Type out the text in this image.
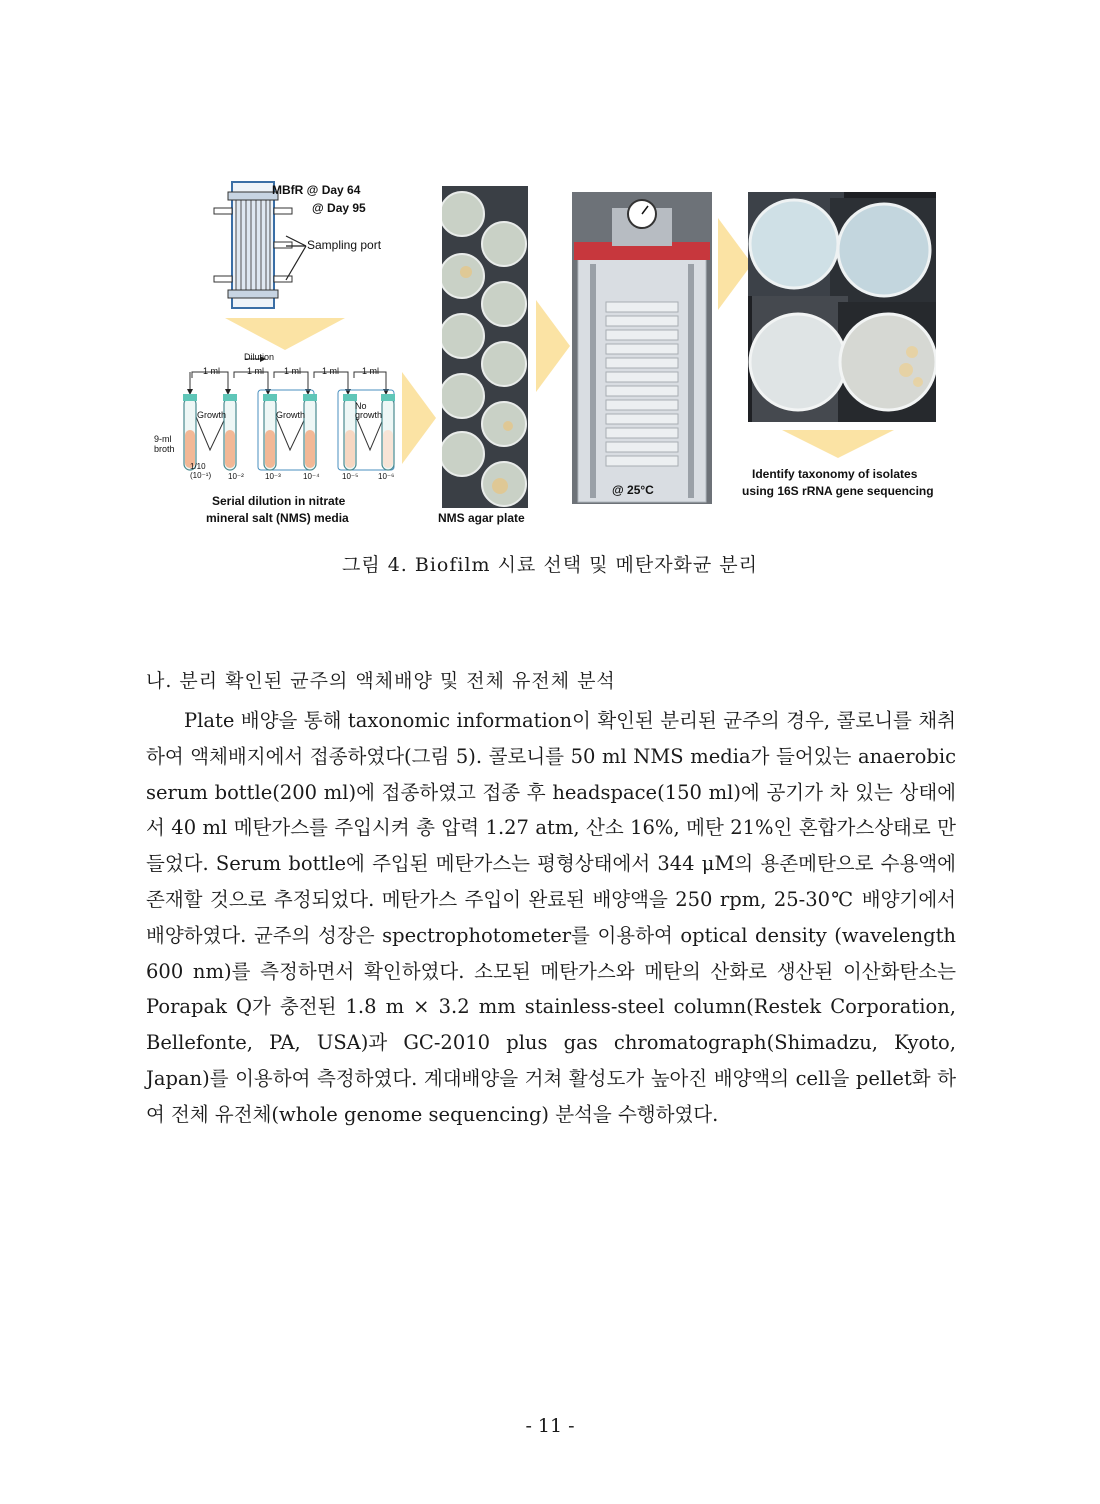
MBfR @ Day 64
@ Day 95
Sampling port
Dilution
1 ml	1 ml 1 ml 1 ml	1 ml
Growth	Growth
No growth
9-ml broth
1/10 (10⁻¹)	10⁻²	10⁻³	10⁻⁴	10⁻⁵ 10⁻⁶
Serial dilution in nitrate
mineral salt (NMS) media	NMS agar plate
@ 25°C
Identify taxonomy of isolates
using 16S rRNA gene sequencing
그림 4. Biofilm 시료 선택 및 메탄자화균 분리
나. 분리 확인된 균주의 액체배양 및 전체 유전체 분석

Plate 배양을 통해 taxonomic information이 확인된 분리된 균주의 경우, 콜로니를 채취하여 액체배지에서 접종하였다(그림 5). 콜로니를 50 ml NMS media가 들어있는 anaerobic serum bottle(200 ml)에 접종하였고 접종 후 headspace(150 ml)에 공기가 차 있는 상태에서 40 ml 메탄가스를 주입시켜 총 압력 1.27 atm, 산소 16%, 메탄 21%인 혼합가스상태로 만들었다. Serum bottle에 주입된 메탄가스는 평형상태에서 344 μM의 용존메탄으로 수용액에 존재할 것으로 추정되었다. 메탄가스 주입이 완료된 배양액을 250 rpm, 25-30℃ 배양기에서 배양하였다. 균주의 성장은 spectrophotometer를 이용하여 optical density (wavelength 600 nm)를 측정하면서 확인하였다. 소모된 메탄가스와 메탄의 산화로 생산된 이산화탄소는 Porapak Q가 충전된 1.8 m × 3.2 mm stainless-steel column(Restek Corporation, Bellefonte, PA, USA)과 GC-2010 plus gas chromatograph(Shimadzu, Kyoto, Japan)를 이용하여 측정하였다. 계대배양을 거쳐 활성도가 높아진 배양액의 cell을 pellet화 하여 전체 유전체(whole genome sequencing) 분석을 수행하였다.

- 11 -
